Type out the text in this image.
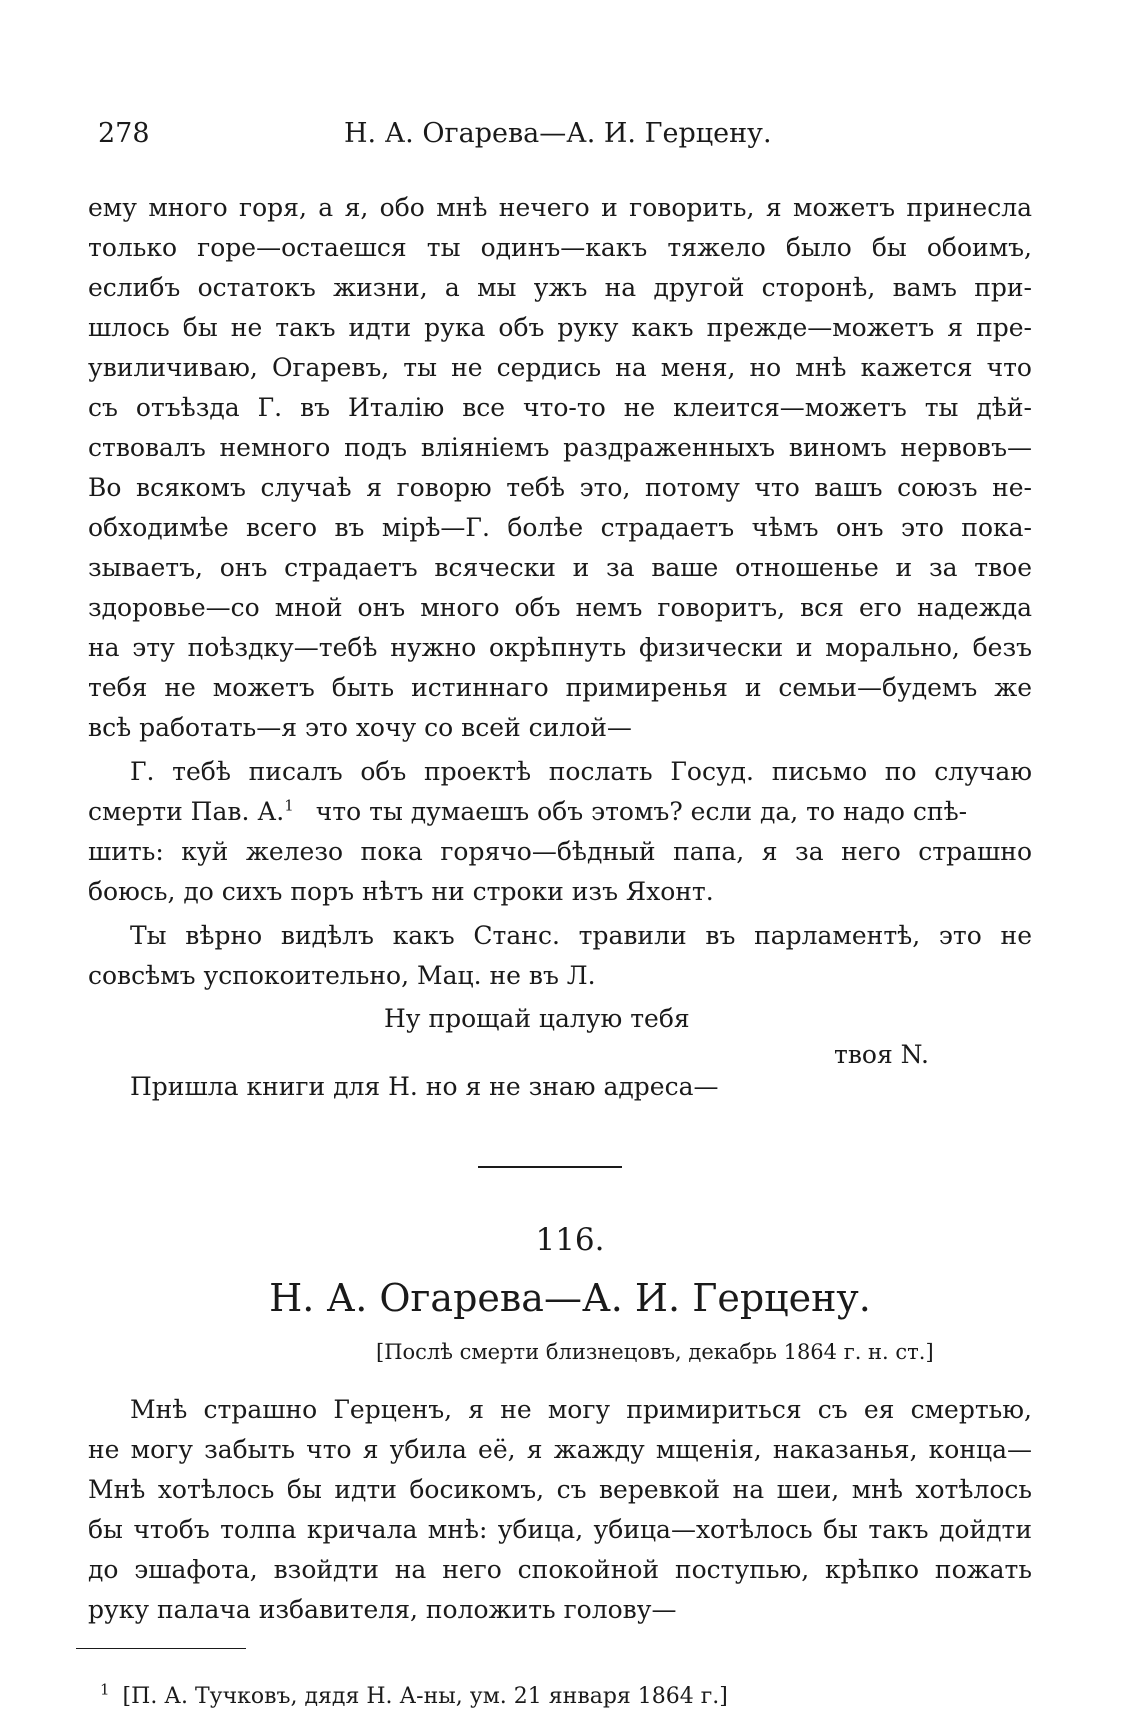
278	Н. А. Огарева—А. И. Герцену.
ему много горя, а я, обо мнѣ нечего и говорить, я можетъ принесла
только горе—остаешся ты одинъ—какъ тяжело было бы обоимъ,
еслибъ остатокъ жизни, а мы ужъ на другой сторонѣ, вамъ при-
шлось бы не такъ идти рука объ руку какъ прежде—можетъ я пре-
увиличиваю, Огаревъ, ты не сердись на меня, но мнѣ кажется что
съ отъѣзда Г. въ Италію все что-то не клеится—можетъ ты дѣй-
ствовалъ немного подъ вліяніемъ раздраженныхъ виномъ нервовъ—
Во всякомъ случаѣ я говорю тебѣ это, потому что вашъ союзъ не-
обходимѣе всего въ мірѣ—Г. болѣе страдаетъ чѣмъ онъ это пока-
зываетъ, онъ страдаетъ всячески и за ваше отношенье и за твое
здоровье—со мной онъ много объ немъ говоритъ, вся его надежда
на эту поѣздку—тебѣ нужно окрѣпнуть физически и морально, безъ
тебя не можетъ быть истиннаго примиренья и семьи—будемъ же
всѣ работать—я это хочу со всей силой—
Г. тебѣ писалъ объ проектѣ послать Госуд. письмо по случаю
смерти Пав. А.$^1$ что ты думаешъ объ этомъ? если да, то надо спѣ-
шить: куй железо пока горячо—бѣдный папа, я за него страшно
боюсь, до сихъ поръ нѣтъ ни строки изъ Яхонт.
Ты вѣрно видѣлъ какъ Станс. травили въ парламентѣ, это не
совсѣмъ успокоительно, Мац. не въ Л.
Ну прощай цалую тебя
твоя N.
Пришла книги для Н. но я не знаю адреса—
116.
Н. А. Огарева—А. И. Герцену.
[Послѣ смерти близнецовъ, декабрь 1864 г. н. ст.]
Мнѣ страшно Герценъ, я не могу примириться съ ея смертью,
не могу забыть что я убила её, я жажду мщенія, наказанья, конца—
Мнѣ хотѣлось бы идти босикомъ, съ веревкой на шеи, мнѣ хотѣлось
бы чтобъ толпа кричала мнѣ: убица, убица—хотѣлось бы такъ дойдти
до эшафота, взойдти на него спокойной поступью, крѣпко пожать
руку палача избавителя, положить голову—
$^1$ [П. А. Тучковъ, дядя Н. А-ны, ум. 21 января 1864 г.]
